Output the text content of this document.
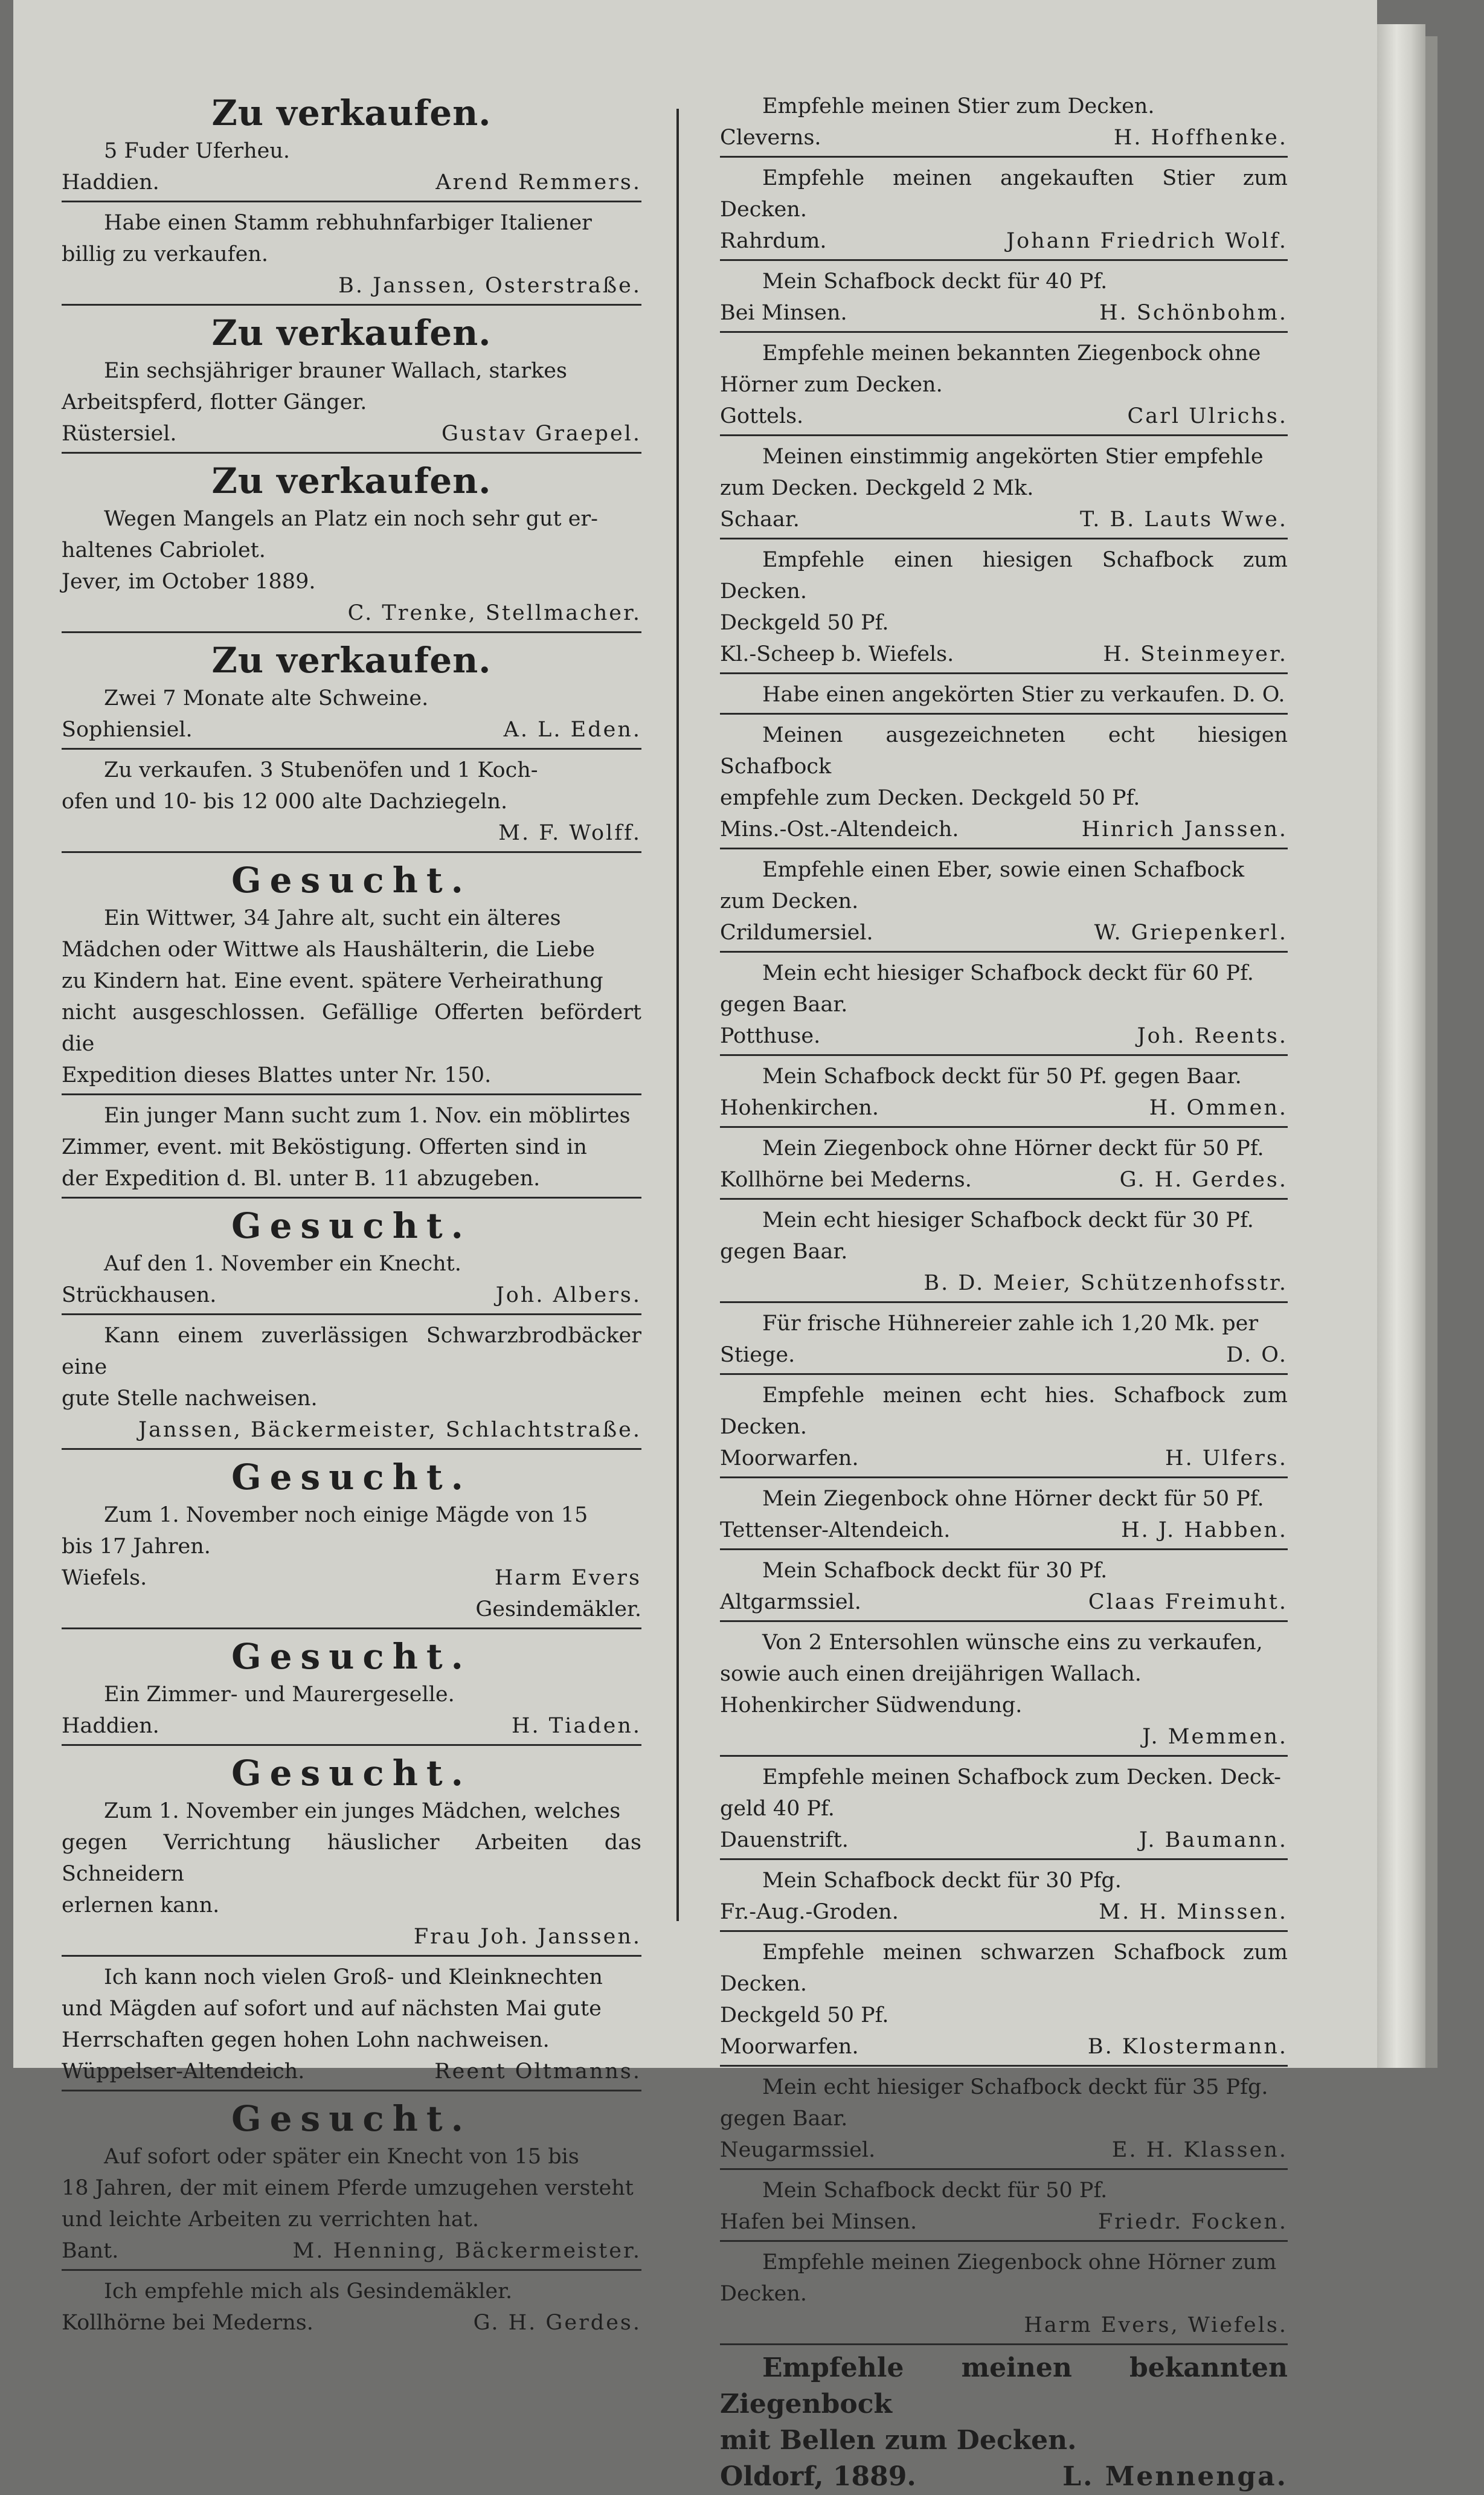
Zu verkaufen.
5 Fuder Uferheu.
Haddien.	Arend Remmers.
Habe einen Stamm rebhuhnfarbiger Italiener
billig zu verkaufen.
B. Janssen, Osterstraße.
Zu verkaufen.
Ein sechsjähriger brauner Wallach, starkes
Arbeitspferd, flotter Gänger.
Rüstersiel.	Gustav Graepel.
Zu verkaufen.
Wegen Mangels an Platz ein noch sehr gut er-
haltenes Cabriolet.
Jever, im October 1889.
C. Trenke, Stellmacher.
Zu verkaufen.
Zwei 7 Monate alte Schweine.
Sophiensiel.	A. L. Eden.
Zu verkaufen. 3 Stubenöfen und 1 Koch-
ofen und 10- bis 12 000 alte Dachziegeln.
M. F. Wolff.
Gesucht.
Ein Wittwer, 34 Jahre alt, sucht ein älteres
Mädchen oder Wittwe als Haushälterin, die Liebe
zu Kindern hat. Eine event. spätere Verheirathung
nicht ausgeschlossen. Gefällige Offerten befördert die
Expedition dieses Blattes unter Nr. 150.
Ein junger Mann sucht zum 1. Nov. ein möblirtes
Zimmer, event. mit Beköstigung. Offerten sind in
der Expedition d. Bl. unter B. 11 abzugeben.
Gesucht.
Auf den 1. November ein Knecht.
Strückhausen.	Joh. Albers.
Kann einem zuverlässigen Schwarzbrodbäcker eine
gute Stelle nachweisen.
Janssen, Bäckermeister, Schlachtstraße.
Gesucht.
Zum 1. November noch einige Mägde von 15
bis 17 Jahren.
Wiefels.	Harm Evers
Gesindemäkler.
Gesucht.
Ein Zimmer- und Maurergeselle.
Haddien.	H. Tiaden.
Gesucht.
Zum 1. November ein junges Mädchen, welches
gegen Verrichtung häuslicher Arbeiten das Schneidern
erlernen kann.
Frau Joh. Janssen.
Ich kann noch vielen Groß- und Kleinknechten
und Mägden auf sofort und auf nächsten Mai gute
Herrschaften gegen hohen Lohn nachweisen.
Wüppelser-Altendeich.	Reent Oltmanns.
Gesucht.
Auf sofort oder später ein Knecht von 15 bis
18 Jahren, der mit einem Pferde umzugehen versteht
und leichte Arbeiten zu verrichten hat.
Bant.	M. Henning, Bäckermeister.
Ich empfehle mich als Gesindemäkler.
Kollhörne bei Mederns.	G. H. Gerdes.
Empfehle meinen Stier zum Decken.
Cleverns.	H. Hoffhenke.
Empfehle meinen angekauften Stier zum Decken.
Rahrdum.	Johann Friedrich Wolf.
Mein Schafbock deckt für 40 Pf.
Bei Minsen.	H. Schönbohm.
Empfehle meinen bekannten Ziegenbock ohne
Hörner zum Decken.
Gottels.	Carl Ulrichs.
Meinen einstimmig angekörten Stier empfehle
zum Decken. Deckgeld 2 Mk.
Schaar.	T. B. Lauts Wwe.
Empfehle einen hiesigen Schafbock zum Decken.
Deckgeld 50 Pf.
Kl.-Scheep b. Wiefels.	H. Steinmeyer.
Habe einen angekörten Stier zu verkaufen. D. O.
Meinen ausgezeichneten echt hiesigen Schafbock
empfehle zum Decken. Deckgeld 50 Pf.
Mins.-Ost.-Altendeich.	Hinrich Janssen.
Empfehle einen Eber, sowie einen Schafbock
zum Decken.
Crildumersiel.	W. Griepenkerl.
Mein echt hiesiger Schafbock deckt für 60 Pf.
gegen Baar.
Potthuse.	Joh. Reents.
Mein Schafbock deckt für 50 Pf. gegen Baar.
Hohenkirchen.	H. Ommen.
Mein Ziegenbock ohne Hörner deckt für 50 Pf.
Kollhörne bei Mederns.	G. H. Gerdes.
Mein echt hiesiger Schafbock deckt für 30 Pf.
gegen Baar.
B. D. Meier, Schützenhofsstr.
Für frische Hühnereier zahle ich 1,20 Mk. per
Stiege.	D. O.
Empfehle meinen echt hies. Schafbock zum Decken.
Moorwarfen.	H. Ulfers.
Mein Ziegenbock ohne Hörner deckt für 50 Pf.
Tettenser-Altendeich.	H. J. Habben.
Mein Schafbock deckt für 30 Pf.
Altgarmssiel.	Claas Freimuht.
Von 2 Entersohlen wünsche eins zu verkaufen,
sowie auch einen dreijährigen Wallach.
Hohenkircher Südwendung.
J. Memmen.
Empfehle meinen Schafbock zum Decken. Deck-
geld 40 Pf.
Dauenstrift.	J. Baumann.
Mein Schafbock deckt für 30 Pfg.
Fr.-Aug.-Groden.	M. H. Minssen.
Empfehle meinen schwarzen Schafbock zum Decken.
Deckgeld 50 Pf.
Moorwarfen.	B. Klostermann.
Mein echt hiesiger Schafbock deckt für 35 Pfg.
gegen Baar.
Neugarmssiel.	E. H. Klassen.
Mein Schafbock deckt für 50 Pf.
Hafen bei Minsen.	Friedr. Focken.
Empfehle meinen Ziegenbock ohne Hörner zum
Decken.
Harm Evers, Wiefels.
Empfehle meinen bekannten Ziegenbock
mit Bellen zum Decken.
Oldorf, 1889.	L. Mennenga.
